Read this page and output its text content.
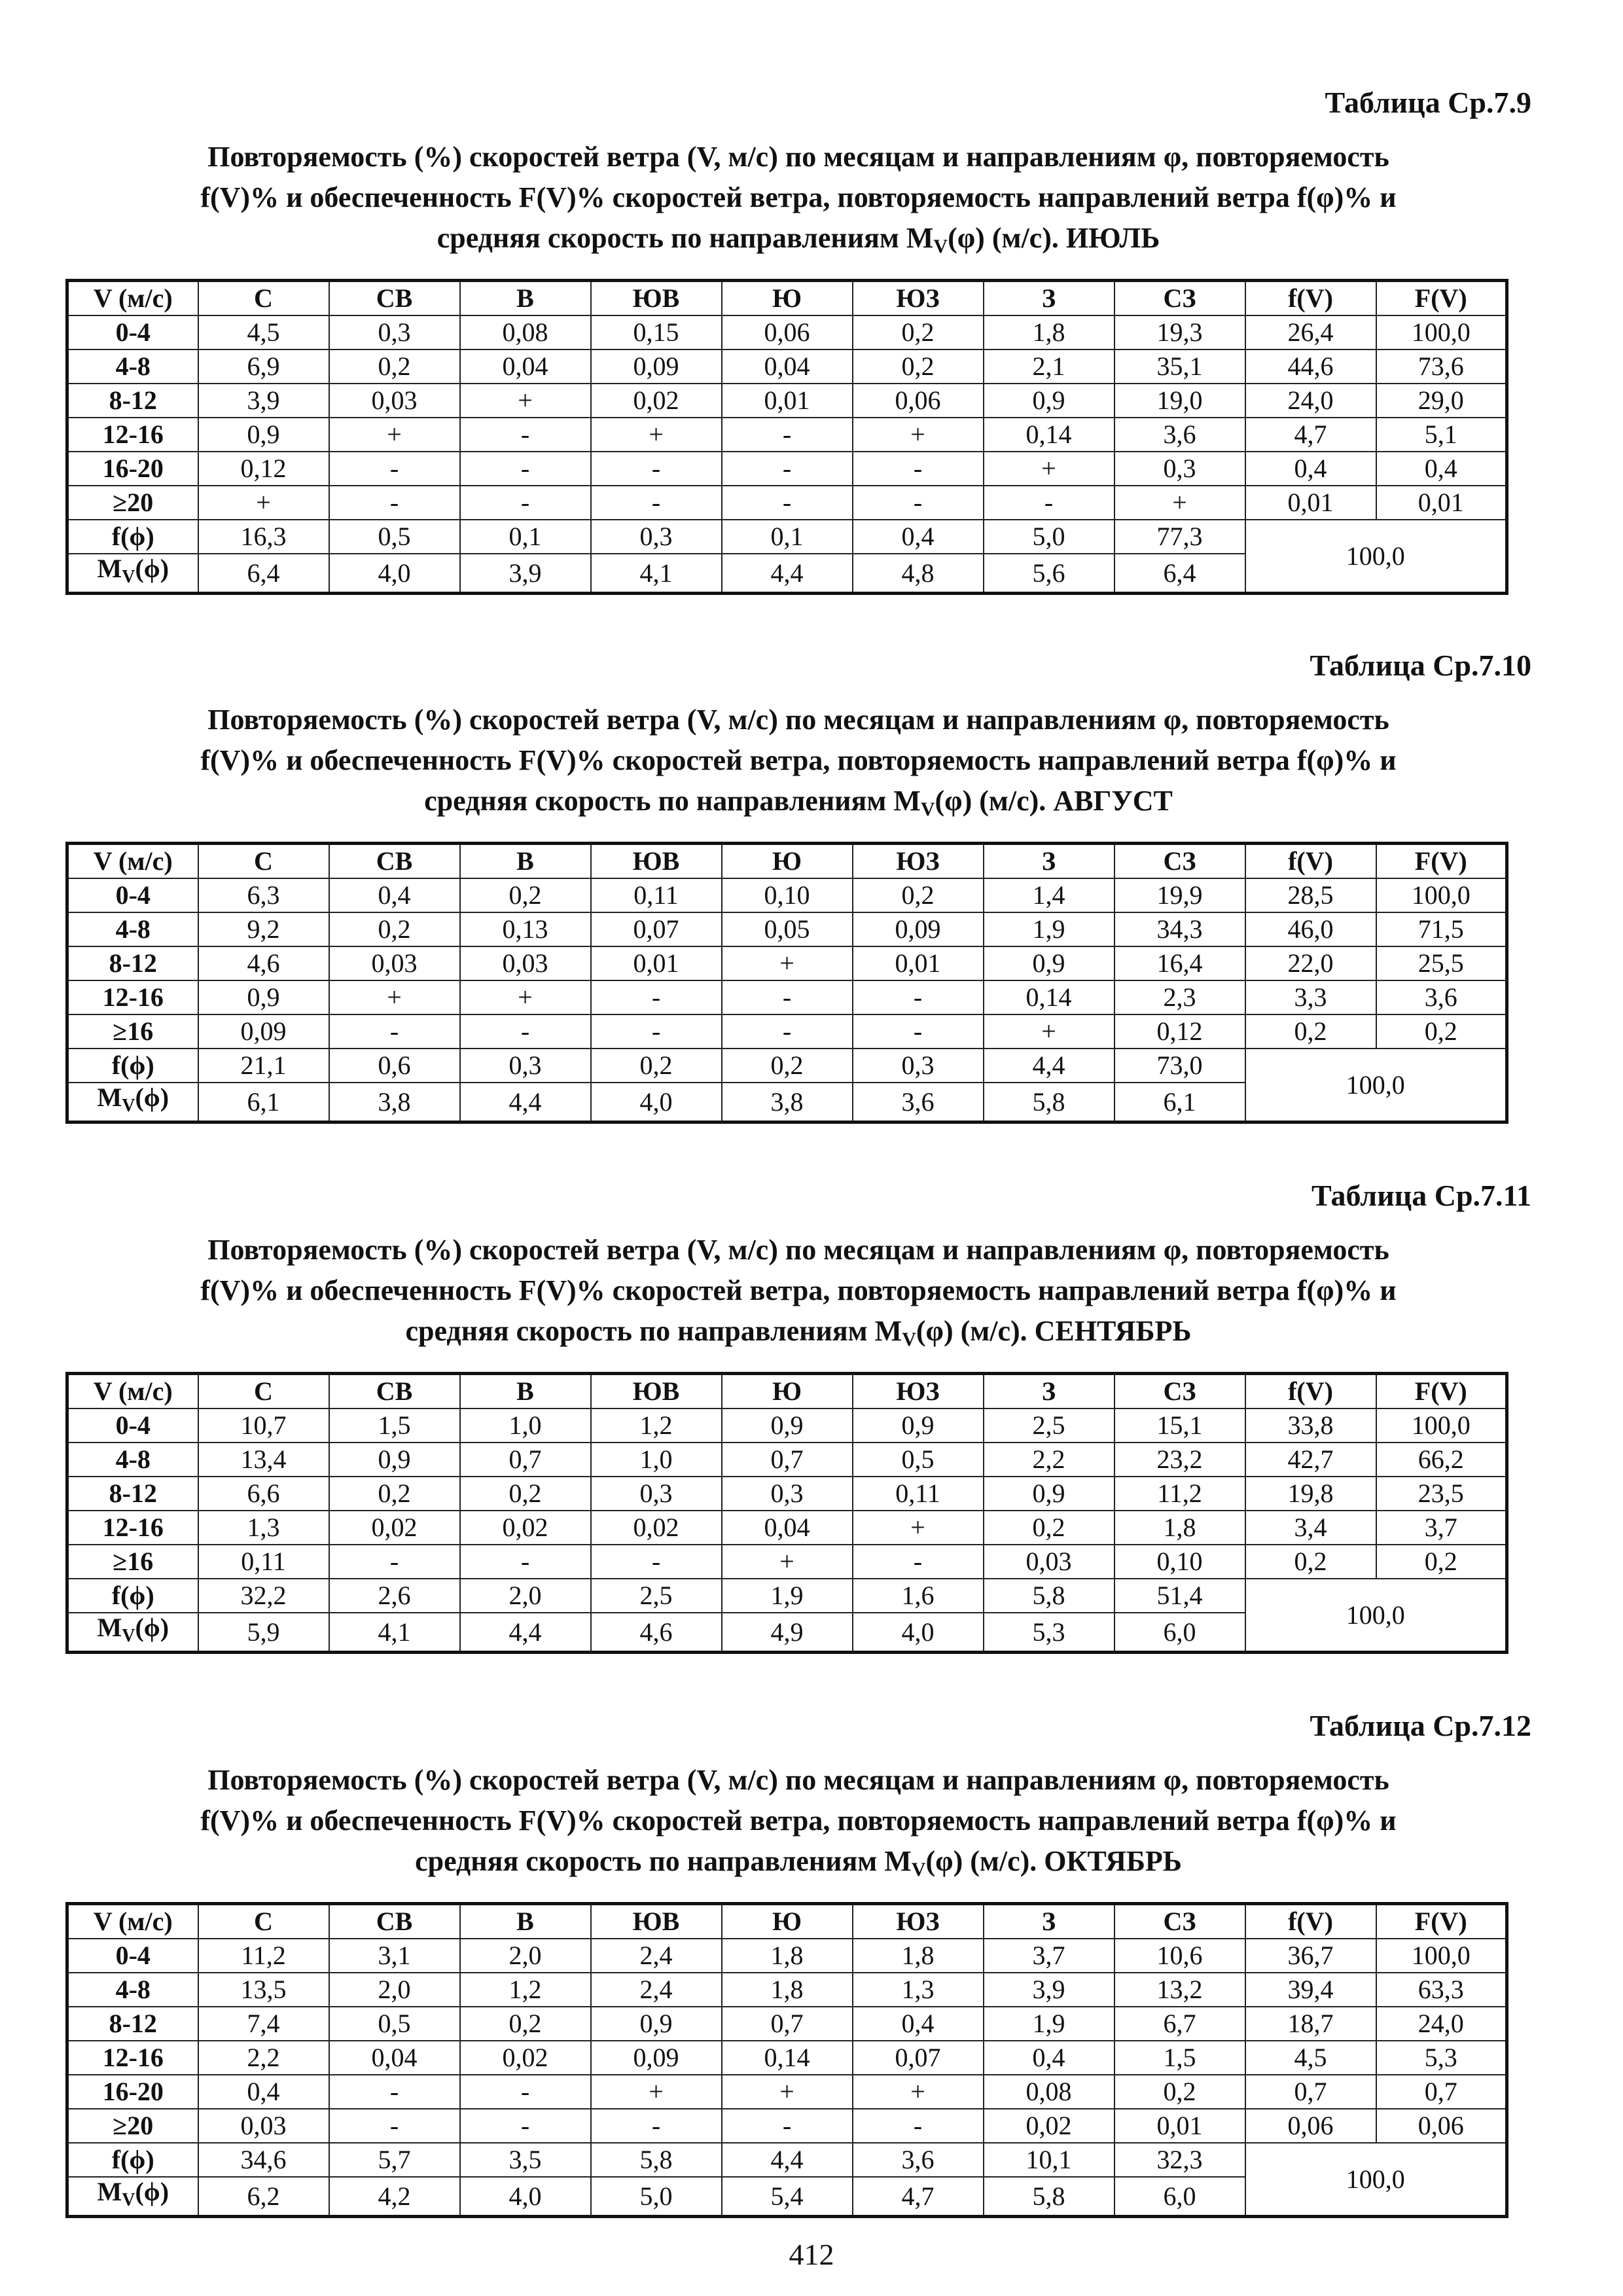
Таблица Ср.7.9
Повторяемость (%) скоростей ветра (V, м/с) по месяцам и направлениям φ, повторяемость
f(V)% и обеспеченность F(V)% скоростей ветра, повторяемость направлений ветра f(φ)% и
средняя скорость по направлениям $M_V(\varphi)$ (м/с). ИЮЛЬ
V (м/с)	С	СВ	В	ЮВ	Ю	ЮЗ	З	СЗ	f(V)	F(V)
0-4	4,5	0,3	0,08	0,15	0,06	0,2	1,8	19,3	26,4	100,0
4-8	6,9	0,2	0,04	0,09	0,04	0,2	2,1	35,1	44,6	73,6
8-12	3,9	0,03	+	0,02	0,01	0,06	0,9	19,0	24,0	29,0
12-16	0,9	+	-	+	-	+	0,14	3,6	4,7	5,1
16-20	0,12	-	-	-	-	-	+	0,3	0,4	0,4
≥20	+	-	-	-	-	-	-	+	0,01	0,01
f(ϕ)	16,3	0,5	0,1	0,3	0,1	0,4	5,0	77,3	100,0	
$M_V(\phi)$	6,4	4,0	3,9	4,1	4,4	4,8	5,6	6,4		
Таблица Ср.7.10
Повторяемость (%) скоростей ветра (V, м/с) по месяцам и направлениям φ, повторяемость
f(V)% и обеспеченность F(V)% скоростей ветра, повторяемость направлений ветра f(φ)% и
средняя скорость по направлениям $M_V(\varphi)$ (м/с). АВГУСТ
V (м/с)	С	СВ	В	ЮВ	Ю	ЮЗ	З	СЗ	f(V)	F(V)
0-4	6,3	0,4	0,2	0,11	0,10	0,2	1,4	19,9	28,5	100,0
4-8	9,2	0,2	0,13	0,07	0,05	0,09	1,9	34,3	46,0	71,5
8-12	4,6	0,03	0,03	0,01	+	0,01	0,9	16,4	22,0	25,5
12-16	0,9	+	+	-	-	-	0,14	2,3	3,3	3,6
≥16	0,09	-	-	-	-	-	+	0,12	0,2	0,2
f(ϕ)	21,1	0,6	0,3	0,2	0,2	0,3	4,4	73,0	100,0	
$M_V(\phi)$	6,1	3,8	4,4	4,0	3,8	3,6	5,8	6,1		
Таблица Ср.7.11
Повторяемость (%) скоростей ветра (V, м/с) по месяцам и направлениям φ, повторяемость
f(V)% и обеспеченность F(V)% скоростей ветра, повторяемость направлений ветра f(φ)% и
средняя скорость по направлениям $M_V(\varphi)$ (м/с). СЕНТЯБРЬ
V (м/с)	С	СВ	В	ЮВ	Ю	ЮЗ	З	СЗ	f(V)	F(V)
0-4	10,7	1,5	1,0	1,2	0,9	0,9	2,5	15,1	33,8	100,0
4-8	13,4	0,9	0,7	1,0	0,7	0,5	2,2	23,2	42,7	66,2
8-12	6,6	0,2	0,2	0,3	0,3	0,11	0,9	11,2	19,8	23,5
12-16	1,3	0,02	0,02	0,02	0,04	+	0,2	1,8	3,4	3,7
≥16	0,11	-	-	-	+	-	0,03	0,10	0,2	0,2
f(ϕ)	32,2	2,6	2,0	2,5	1,9	1,6	5,8	51,4	100,0	
$M_V(\phi)$	5,9	4,1	4,4	4,6	4,9	4,0	5,3	6,0		
Таблица Ср.7.12
Повторяемость (%) скоростей ветра (V, м/с) по месяцам и направлениям φ, повторяемость
f(V)% и обеспеченность F(V)% скоростей ветра, повторяемость направлений ветра f(φ)% и
средняя скорость по направлениям $M_V(\varphi)$ (м/с). ОКТЯБРЬ
V (м/с)	С	СВ	В	ЮВ	Ю	ЮЗ	З	СЗ	f(V)	F(V)
0-4	11,2	3,1	2,0	2,4	1,8	1,8	3,7	10,6	36,7	100,0
4-8	13,5	2,0	1,2	2,4	1,8	1,3	3,9	13,2	39,4	63,3
8-12	7,4	0,5	0,2	0,9	0,7	0,4	1,9	6,7	18,7	24,0
12-16	2,2	0,04	0,02	0,09	0,14	0,07	0,4	1,5	4,5	5,3
16-20	0,4	-	-	+	+	+	0,08	0,2	0,7	0,7
≥20	0,03	-	-	-	-	-	0,02	0,01	0,06	0,06
f(ϕ)	34,6	5,7	3,5	5,8	4,4	3,6	10,1	32,3	100,0	
$M_V(\phi)$	6,2	4,2	4,0	5,0	5,4	4,7	5,8	6,0		
412
